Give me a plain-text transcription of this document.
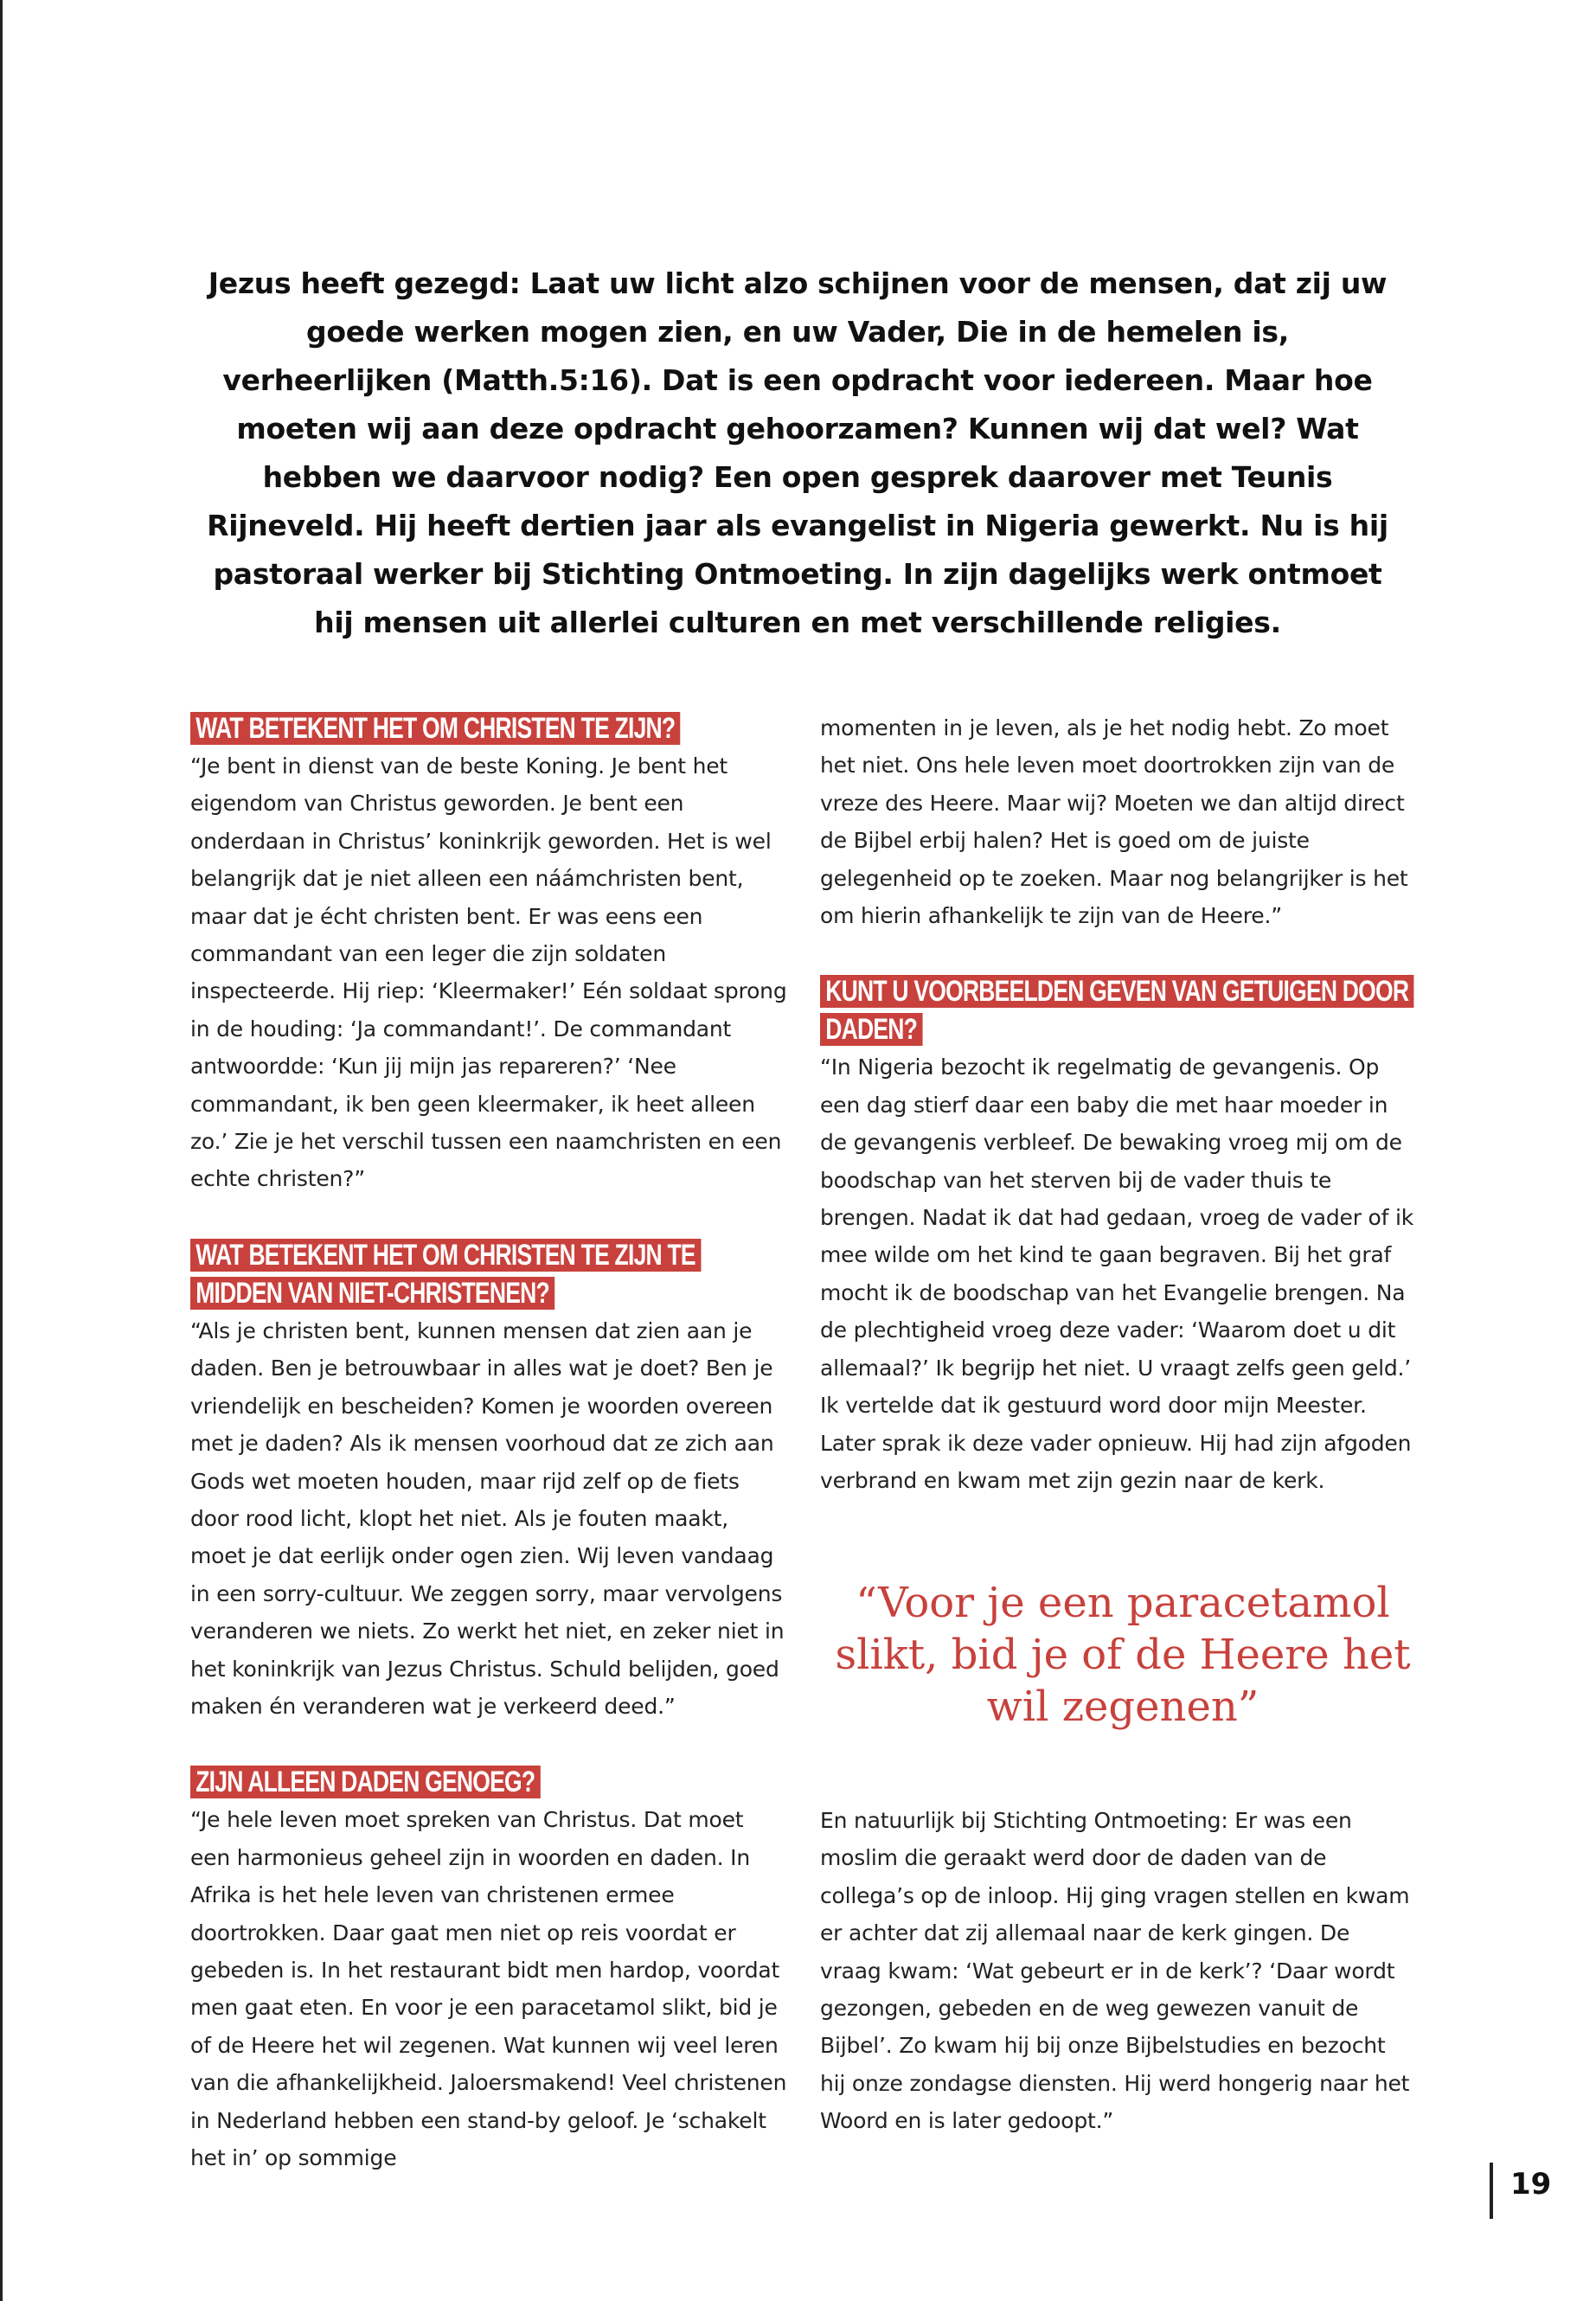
Jezus heeft gezegd: Laat uw licht alzo schijnen voor de mensen, dat zij uw goede werken mogen zien, en uw Vader, Die in de hemelen is, verheerlijken (Matth.5:16). Dat is een opdracht voor iedereen. Maar hoe moeten wij aan deze opdracht gehoorzamen? Kunnen wij dat wel? Wat hebben we daarvoor nodig? Een open gesprek daarover met Teunis Rijneveld. Hij heeft dertien jaar als evangelist in Nigeria gewerkt. Nu is hij pastoraal werker bij Stichting Ontmoeting. In zijn dagelijks werk ontmoet hij mensen uit allerlei culturen en met verschillende religies.
WAT BETEKENT HET OM CHRISTEN TE ZIJN?

“Je bent in dienst van de beste Koning. Je bent het eigendom van Christus geworden. Je bent een onderdaan in Christus’ koninkrijk geworden. Het is wel belangrijk dat je niet alleen een náámchristen bent, maar dat je écht christen bent. Er was eens een commandant van een leger die zijn soldaten inspecteerde. Hij riep: ‘Kleermaker!’ Eén soldaat sprong in de houding: ‘Ja commandant!’. De commandant antwoordde: ‘Kun jij mijn jas repareren?’ ‘Nee commandant, ik ben geen kleermaker, ik heet alleen zo.’ Zie je het verschil tussen een naamchristen en een echte christen?”

WAT BETEKENT HET OM CHRISTEN TE ZIJN TE MIDDEN VAN NIET-CHRISTENEN?

“Als je christen bent, kunnen mensen dat zien aan je daden. Ben je betrouwbaar in alles wat je doet? Ben je vriendelijk en bescheiden? Komen je woorden overeen met je daden? Als ik mensen voorhoud dat ze zich aan Gods wet moeten houden, maar rijd zelf op de fiets door rood licht, klopt het niet. Als je fouten maakt, moet je dat eerlijk onder ogen zien. Wij leven vandaag in een sorry-cultuur. We zeggen sorry, maar vervolgens veranderen we niets. Zo werkt het niet, en zeker niet in het koninkrijk van Jezus Christus. Schuld belijden, goed maken én veranderen wat je verkeerd deed.”

ZIJN ALLEEN DADEN GENOEG?

“Je hele leven moet spreken van Christus. Dat moet een harmonieus geheel zijn in woorden en daden. In Afrika is het hele leven van christenen ermee doortrokken. Daar gaat men niet op reis voordat er gebeden is. In het restaurant bidt men hardop, voordat men gaat eten. En voor je een paracetamol slikt, bid je of de Heere het wil zegenen. Wat kunnen wij veel leren van die afhankelijkheid. Jaloersmakend! Veel christenen in Nederland hebben een stand-by geloof. Je ‘schakelt het in’ op sommige

momenten in je leven, als je het nodig hebt. Zo moet het niet. Ons hele leven moet doortrokken zijn van de vreze des Heere. Maar wij? Moeten we dan altijd direct de Bijbel erbij halen? Het is goed om de juiste gelegenheid op te zoeken. Maar nog belangrijker is het om hierin afhankelijk te zijn van de Heere.”

KUNT U VOORBEELDEN GEVEN VAN GETUIGEN DOOR DADEN?

“In Nigeria bezocht ik regelmatig de gevangenis. Op een dag stierf daar een baby die met haar moeder in de gevangenis verbleef. De bewaking vroeg mij om de boodschap van het sterven bij de vader thuis te brengen. Nadat ik dat had gedaan, vroeg de vader of ik mee wilde om het kind te gaan begraven. Bij het graf mocht ik de boodschap van het Evangelie brengen. Na de plechtigheid vroeg deze vader: ‘Waarom doet u dit allemaal?’ Ik begrijp het niet. U vraagt zelfs geen geld.’ Ik vertelde dat ik gestuurd word door mijn Meester. Later sprak ik deze vader opnieuw. Hij had zijn afgoden verbrand en kwam met zijn gezin naar de kerk.

“Voor je een paracetamol slikt, bid je of de Heere het wil zegenen”

En natuurlijk bij Stichting Ontmoeting: Er was een moslim die geraakt werd door de daden van de collega’s op de inloop. Hij ging vragen stellen en kwam er achter dat zij allemaal naar de kerk gingen. De vraag kwam: ‘Wat gebeurt er in de kerk’? ‘Daar wordt gezongen, gebeden en de weg gewezen vanuit de Bijbel’. Zo kwam hij bij onze Bijbelstudies en bezocht hij onze zondagse diensten. Hij werd hongerig naar het Woord en is later gedoopt.”

19
